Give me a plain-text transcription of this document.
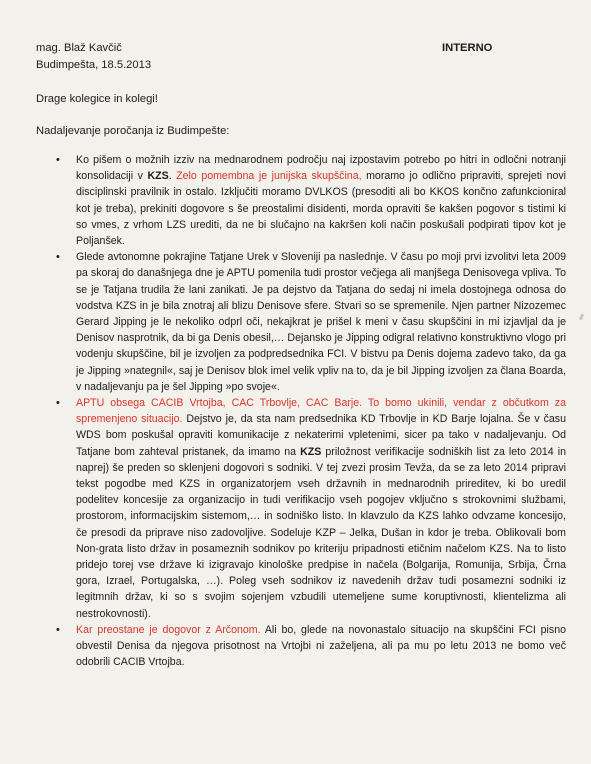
mag. Blaž Kavčič
Budimpešta, 18.5.2013
INTERNO
Drage kolegice in kolegi!
Nadaljevanje poročanja iz Budimpešte:
• Ko pišem o možnih izziv na mednarodnem področju naj izpostavim potrebo po hitri in odločni notranji konsolidaciji v KZS. Zelo pomembna je junijska skupščina, moramo jo odlično pripraviti, sprejeti novi disciplinski pravilnik in ostalo. Izključiti moramo DVLKOS (presoditi ali bo KKOS končno zafunkcioniral kot je treba), prekiniti dogovore s še preostalimi disidenti, morda opraviti še kakšen pogovor s tistimi ki so vmes, z vrhom LZS urediti, da ne bi slučajno na kakršen koli način poskušali podpirati tipov kot je Poljanšek.
• Glede avtonomne pokrajine Tatjane Urek v Sloveniji pa naslednje. V času po moji prvi izvolitvi leta 2009 pa skoraj do današnjega dne je APTU pomenila tudi prostor večjega ali manjšega Denisovega vpliva. To se je Tatjana trudila že lani zanikati. Je pa dejstvo da Tatjana do sedaj ni imela dostojnega odnosa do vodstva KZS in je bila znotraj ali blizu Denisove sfere. Stvari so se spremenile. Njen partner Nizozemec Gerard Jipping je le nekoliko odprl oči, nekajkrat je prišel k meni v času skupščini in mi izjavljal da je Denisov nasprotnik, da bi ga Denis obesil,… Dejansko je Jipping odigral relativno konstruktivno vlogo pri vodenju skupščine, bil je izvoljen za podpredsednika FCI. V bistvu pa Denis dojema zadevo tako, da ga je Jipping »nategnil«, saj je Denisov blok imel velik vpliv na to, da je bil Jipping izvoljen za člana Boarda, v nadaljevanju pa je šel Jipping »po svoje«.
• APTU obsega CACIB Vrtojba, CAC Trbovlje, CAC Barje. To bomo ukinili, vendar z občutkom za spremenjeno situacijo. Dejstvo je, da sta nam predsednika KD Trbovlje in KD Barje lojalna. Še v času WDS bom poskušal opraviti komunikacije z nekaterimi vpletenimi, sicer pa tako v nadaljevanju. Od Tatjane bom zahteval pristanek, da imamo na KZS priložnost verifikacije sodniških list za leto 2014 in naprej) še preden so sklenjeni dogovori s sodniki. V tej zvezi prosim Tevža, da se za leto 2014 pripravi tekst pogodbe med KZS in organizatorjem vseh državnih in mednarodnih prireditev, ki bo uredil podelitev koncesije za organizacijo in tudi verifikacijo vseh pogojev vključno s strokovnimi službami, prostorom, informacijskim sistemom,… in sodniško listo. In klavzulo da KZS lahko odvzame koncesijo, če presodi da priprave niso zadovoljive. Sodeluje KZP – Jelka, Dušan in kdor je treba. Oblikovali bom Non-grata listo držav in posameznih sodnikov po kriteriju pripadnosti etičnim načelom KZS. Na to listo pridejo torej vse države ki izigravajo kinološke predpise in načela (Bolgarija, Romunija, Srbija, Črna gora, Izrael, Portugalska, …). Poleg vseh sodnikov iz navedenih držav tudi posamezni sodniki iz legitmnih držav, ki so s svojim sojenjem vzbudili utemeljene sume koruptivnosti, klientelizma ali nestrokovnosti).
• Kar preostane je dogovor z Arčonom. Ali bo, glede na novonastalo situacijo na skupščini FCI pisno obvestil Denisa da njegova prisotnost na Vrtojbi ni zaželjena, ali pa mu po letu 2013 ne bomo več odobrili CACIB Vrtojba.
